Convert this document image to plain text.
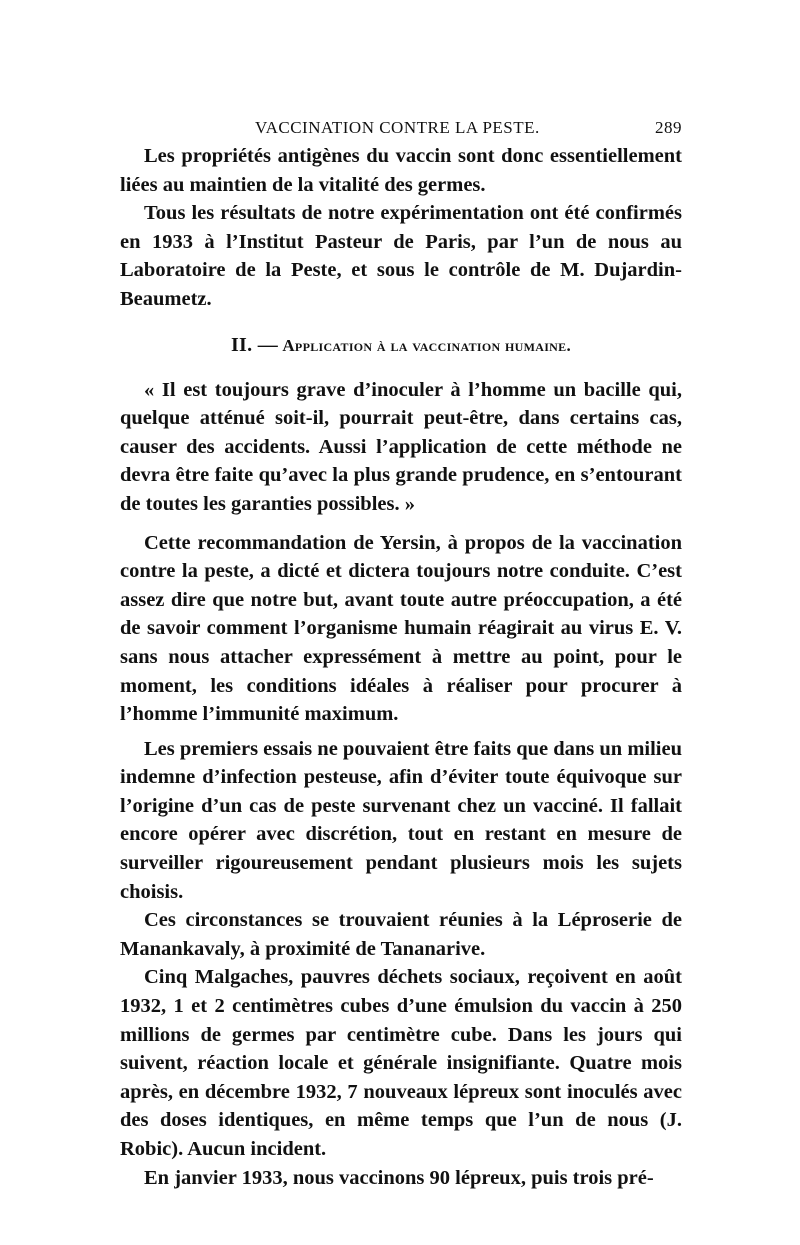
VACCINATION CONTRE LA PESTE.	289

Les propriétés antigènes du vaccin sont donc essentiellement liées au maintien de la vitalité des germes.

Tous les résultats de notre expérimentation ont été confirmés en 1933 à l’Institut Pasteur de Paris, par l’un de nous au Laboratoire de la Peste, et sous le contrôle de M. Dujardin-Beaumetz.

II. — Application à la vaccination humaine.

« Il est toujours grave d’inoculer à l’homme un bacille qui, quelque atténué soit-il, pourrait peut-être, dans certains cas, causer des accidents. Aussi l’application de cette méthode ne devra être faite qu’avec la plus grande prudence, en s’entourant de toutes les garanties possibles. »

Cette recommandation de Yersin, à propos de la vaccination contre la peste, a dicté et dictera toujours notre conduite. C’est assez dire que notre but, avant toute autre préoccupation, a été de savoir comment l’organisme humain réagirait au virus E. V. sans nous attacher expressément à mettre au point, pour le moment, les conditions idéales à réaliser pour procurer à l’homme l’immunité maximum.

Les premiers essais ne pouvaient être faits que dans un milieu indemne d’infection pesteuse, afin d’éviter toute équivoque sur l’origine d’un cas de peste survenant chez un vacciné. Il fallait encore opérer avec discrétion, tout en restant en mesure de surveiller rigoureusement pendant plusieurs mois les sujets choisis.

Ces circonstances se trouvaient réunies à la Léproserie de Manankavaly, à proximité de Tananarive.

Cinq Malgaches, pauvres déchets sociaux, reçoivent en août 1932, 1 et 2 centimètres cubes d’une émulsion du vaccin à 250 millions de germes par centimètre cube. Dans les jours qui suivent, réaction locale et générale insignifiante. Quatre mois après, en décembre 1932, 7 nouveaux lépreux sont inoculés avec des doses identiques, en même temps que l’un de nous (J. Robic). Aucun incident.

En janvier 1933, nous vaccinons 90 lépreux, puis trois pré-
